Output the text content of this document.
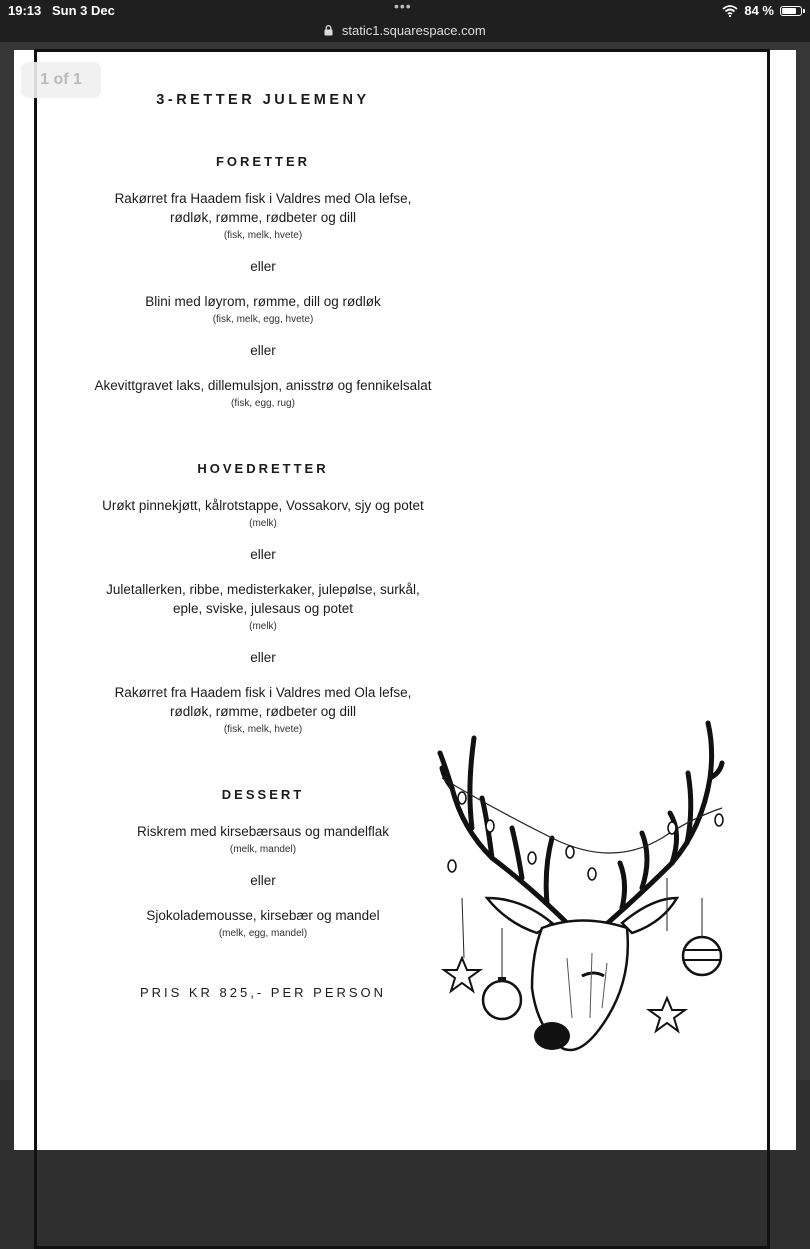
19:13 Sun 3 Dec	•••	84 %
static1.squarespace.com
1 of 1
3-RETTER JULEMENY
FORETTER

Rakørret fra Haadem fisk i Valdres med Ola lefse,

rødløk, rømme, rødbeter og dill

(fisk, melk, hvete)

eller

Blini med løyrom, rømme, dill og rødløk

(fisk, melk, egg, hvete)

eller

Akevittgravet laks, dillemulsjon, anisstrø og fennikelsalat

(fisk, egg, rug)

HOVEDRETTER

Urøkt pinnekjøtt, kålrotstappe, Vossakorv, sjy og potet

(melk)

eller

Juletallerken, ribbe, medisterkaker, julepølse, surkål,

eple, sviske, julesaus og potet

(melk)

eller

Rakørret fra Haadem fisk i Valdres med Ola lefse,

rødløk, rømme, rødbeter og dill

(fisk, melk, hvete)

DESSERT

Riskrem med kirsebærsaus og mandelflak

(melk, mandel)

eller

Sjokolademousse, kirsebær og mandel

(melk, egg, mandel)

PRIS KR 825,- PER PERSON
